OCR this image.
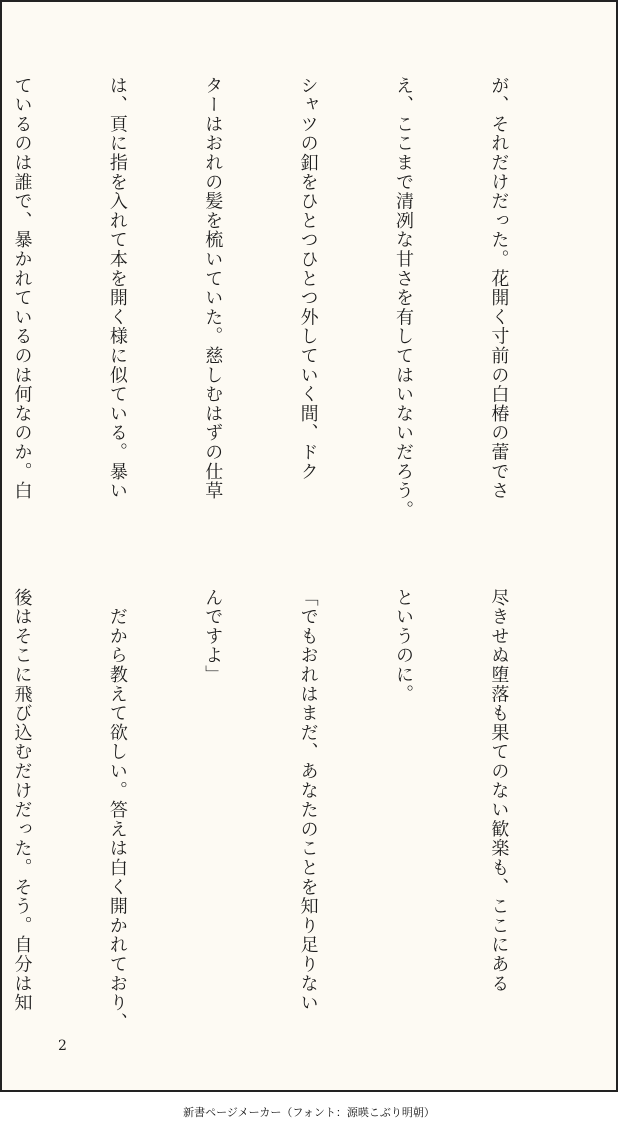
が、それだけだった。花開く寸前の白椿の蕾でさ

え、ここまで清冽な甘さを有してはいないだろう。

シャツの釦をひとつひとつ外していく間、ドク

ターはおれの髪を梳いていた。慈しむはずの仕草

は、頁に指を入れて本を開く様に似ている。暴い

ているのは誰で、暴かれているのは何なのか。白

尽きせぬ堕落も果てのない歓楽も、ここにある

というのに。

「でもおれはまだ、あなたのことを知り足りない

んですよ」

　だから教えて欲しい。答えは白く開かれており、

後はそこに飛び込むだけだった。そう。自分は知

2
新書ページメーカー（フォント：源暎こぶり明朝）
